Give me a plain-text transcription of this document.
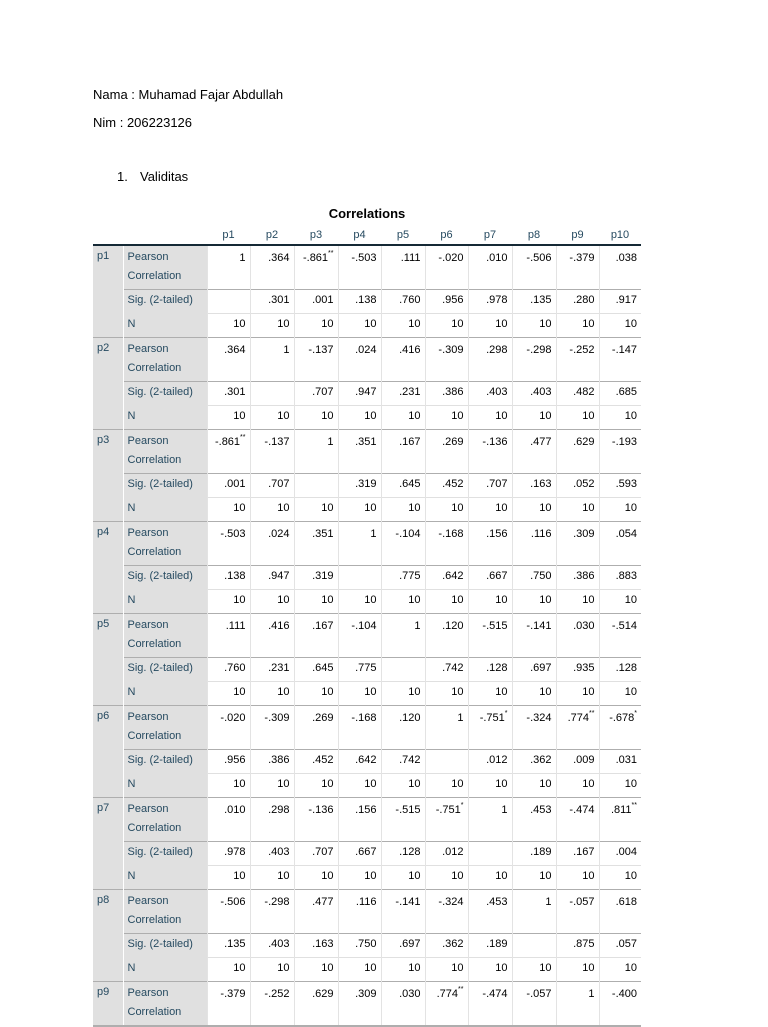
Nama : Muhamad Fajar Abdullah
Nim : 206223126
1. Validitas
Correlations
		p1	p2	p3	p4	p5	p6	p7	p8	p9	p10
p1	Pearson Correlation	1	.364	-.861**	-.503	.111	-.020	.010	-.506	-.379	.038
	Sig. (2-tailed)		.301	.001	.138	.760	.956	.978	.135	.280	.917
	N	10	10	10	10	10	10	10	10	10	10
p2	Pearson Correlation	.364	1	-.137	.024	.416	-.309	.298	-.298	-.252	-.147
	Sig. (2-tailed)	.301		.707	.947	.231	.386	.403	.403	.482	.685
	N	10	10	10	10	10	10	10	10	10	10
p3	Pearson Correlation	-.861**	-.137	1	.351	.167	.269	-.136	.477	.629	-.193
	Sig. (2-tailed)	.001	.707		.319	.645	.452	.707	.163	.052	.593
	N	10	10	10	10	10	10	10	10	10	10
p4	Pearson Correlation	-.503	.024	.351	1	-.104	-.168	.156	.116	.309	.054
	Sig. (2-tailed)	.138	.947	.319		.775	.642	.667	.750	.386	.883
	N	10	10	10	10	10	10	10	10	10	10
p5	Pearson Correlation	.111	.416	.167	-.104	1	.120	-.515	-.141	.030	-.514
	Sig. (2-tailed)	.760	.231	.645	.775		.742	.128	.697	.935	.128
	N	10	10	10	10	10	10	10	10	10	10
p6	Pearson Correlation	-.020	-.309	.269	-.168	.120	1	-.751*	-.324	.774**	-.678*
	Sig. (2-tailed)	.956	.386	.452	.642	.742		.012	.362	.009	.031
	N	10	10	10	10	10	10	10	10	10	10
p7	Pearson Correlation	.010	.298	-.136	.156	-.515	-.751*	1	.453	-.474	.811**
	Sig. (2-tailed)	.978	.403	.707	.667	.128	.012		.189	.167	.004
	N	10	10	10	10	10	10	10	10	10	10
p8	Pearson Correlation	-.506	-.298	.477	.116	-.141	-.324	.453	1	-.057	.618
	Sig. (2-tailed)	.135	.403	.163	.750	.697	.362	.189		.875	.057
	N	10	10	10	10	10	10	10	10	10	10
p9	Pearson Correlation	-.379	-.252	.629	.309	.030	.774**	-.474	-.057	1	-.400
